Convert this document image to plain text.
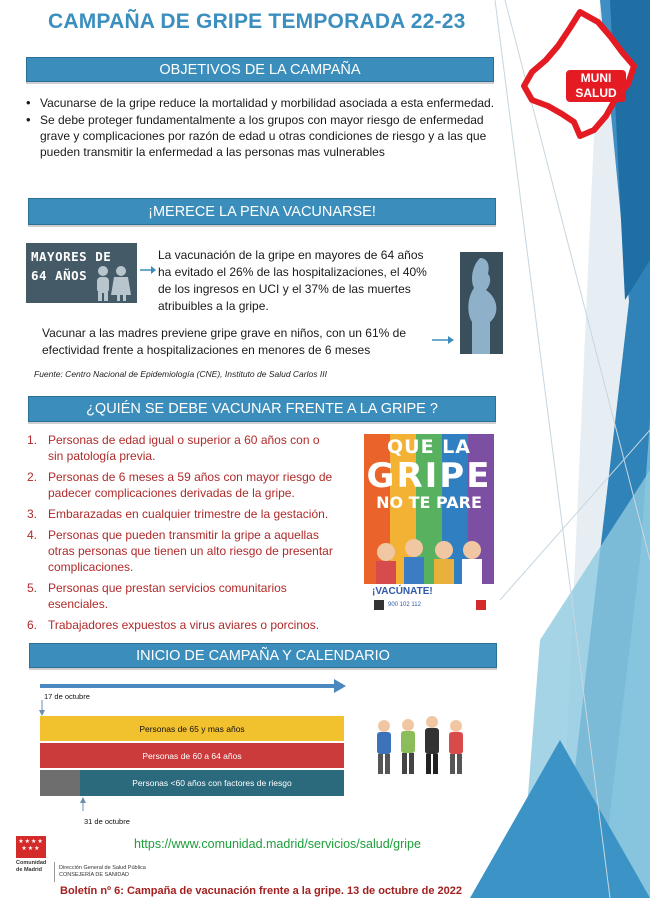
CAMPAÑA DE GRIPE TEMPORADA 22-23
MUNI
SALUD
OBJETIVOS DE LA CAMPAÑA
• Vacunarse de la gripe reduce la mortalidad y morbilidad asociada a esta enfermedad.
• Se debe proteger fundamentalmente a los grupos con mayor riesgo de enfermedad grave y complicaciones por razón de edad u otras condiciones de riesgo y a las que pueden transmitir la enfermedad a las personas mas vulnerables
¡MERECE LA PENA VACUNARSE!
MAYORES DE
64 AÑOS
La vacunación de la gripe en mayores de 64 años ha evitado el 26% de las hospitalizaciones, el 40% de los ingresos en UCI y el 37% de las muertes atribuibles a la gripe.
Vacunar a las madres previene gripe grave en niños, con un 61% de efectividad frente a hospitalizaciones en menores de 6 meses
Fuente: Centro Nacional de Epidemiología (CNE), Instituto de Salud Carlos III
¿QUIÉN SE DEBE VACUNAR FRENTE A LA GRIPE ?
1. Personas de edad igual o superior a 60 años con o sin patología previa.
2. Personas de 6 meses a 59 años con mayor riesgo de padecer complicaciones derivadas de la gripe.
3. Embarazadas en cualquier trimestre de la gestación.
4. Personas que pueden transmitir la gripe a aquellas otras personas que tienen un alto riesgo de presentar complicaciones.
5. Personas que prestan servicios comunitarios esenciales.
6. Trabajadores expuestos a virus aviares o porcinos.
QUE LA
GRIPE
NO TE PARE
¡VACÚNATE!
900 102 112
INICIO DE CAMPAÑA Y CALENDARIO
17 de octubre
Personas de 65 y mas años
Personas de 60 a 64 años
Personas <60 años con factores de riesgo
31 de octubre
https://www.comunidad.madrid/servicios/salud/gripe
★★★★
★★★
Comunidad
de Madrid	Dirección General de Salud Pública
CONSEJERÍA DE SANIDAD
Boletín nº 6: Campaña de vacunación frente a la gripe. 13 de octubre de 2022
